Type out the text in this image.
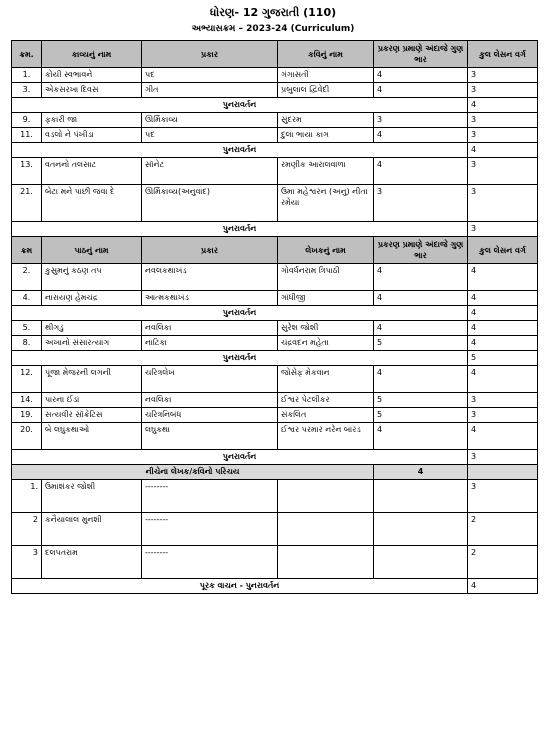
ધોરણ- 12 ગુજરાતી (110)
અભ્યાસક્રમ – 2023-24 (Curriculum)
ક્રમ.	કાવ્યનું નામ	પ્રકાર	કવિનું નામ	પ્રકરણ પ્રમાણે અંદાજે ગુણ ભાર	કુલ લેસન વર્ગ
1.	કોયી સ્વભાવને	પદ	ગંગાસતી	4	3
3.	એકસરખા દિવસ	ગીત	પ્રબુલાલ દ્વિવેદી	4	3
પુનરાવર્તન					4
9.	ફકારી જા	ઊર્મિકાવ્ય	સુંદરમ	3	3
11.	વડલો ને પંખીડા	પદ	દુલા ભાયા કાગ	4	3
પુનરાવર્તન					4
13.	વતનનો તલસાટ	સૉનેટ	રમણીક આરાલવાળા	4	3
21.	બેટા મને પાછી જવા દે	ઊર્મિકાવ્ય(અનુવાદ)	ઉમા મહેશ્વરન (અનુ) નીતા રમેયા	3	3
પુનરાવર્તન					3
ક્રમ	પાઠનું નામ	પ્રકાર	લેખકનું નામ	પ્રકરણ પ્રમાણે અંદાજે ગુણ ભાર	કુલ લેસન વર્ગ
2.	કુસુમનું કઠણ તપ	નવલકથાખંડ	ગોવર્ધનરામ ત્રિપાઠી	4	4
4.	નારાયણ હેમચંદ્ર	આત્મકથાખંડ	ગાંધીજી	4	4
પુનરાવર્તન					4
5.	થીગડું	નવલિકા	સુરેશ જોશી	4	4
8.	અખાનો સંસારત્યાગ	નાટિકા	ચંદ્રવદન મહેતા	5	4
પુનરાવર્તન					5
12.	પૂંજા મેજરની લગની	ચરિત્રલેખ	જોસેફ મેકવાન	4	4
14.	પારના ઈંડાં	નવલિકા	ઈશ્વર પેટલીકર	5	3
19.	સત્યવીર સૉક્રેટિસ	ચરિત્રનિબંધ	સંકલિત	5	3
20.	બે લઘુકથાઓ	લઘુકથા	ઈશ્વર પરમાર નરેન બારડ	4	4
પુનરાવર્તન					3
નીચેના લેખક/કવિનો પરિચય				4	
1.	ઉમાશંકર જોશી	--------			3
2	કનૈયાલાલ મુનશી	--------			2
3	દલપતરામ	--------			2
પૂરક વાચન - પુનરાવર્તન					4
